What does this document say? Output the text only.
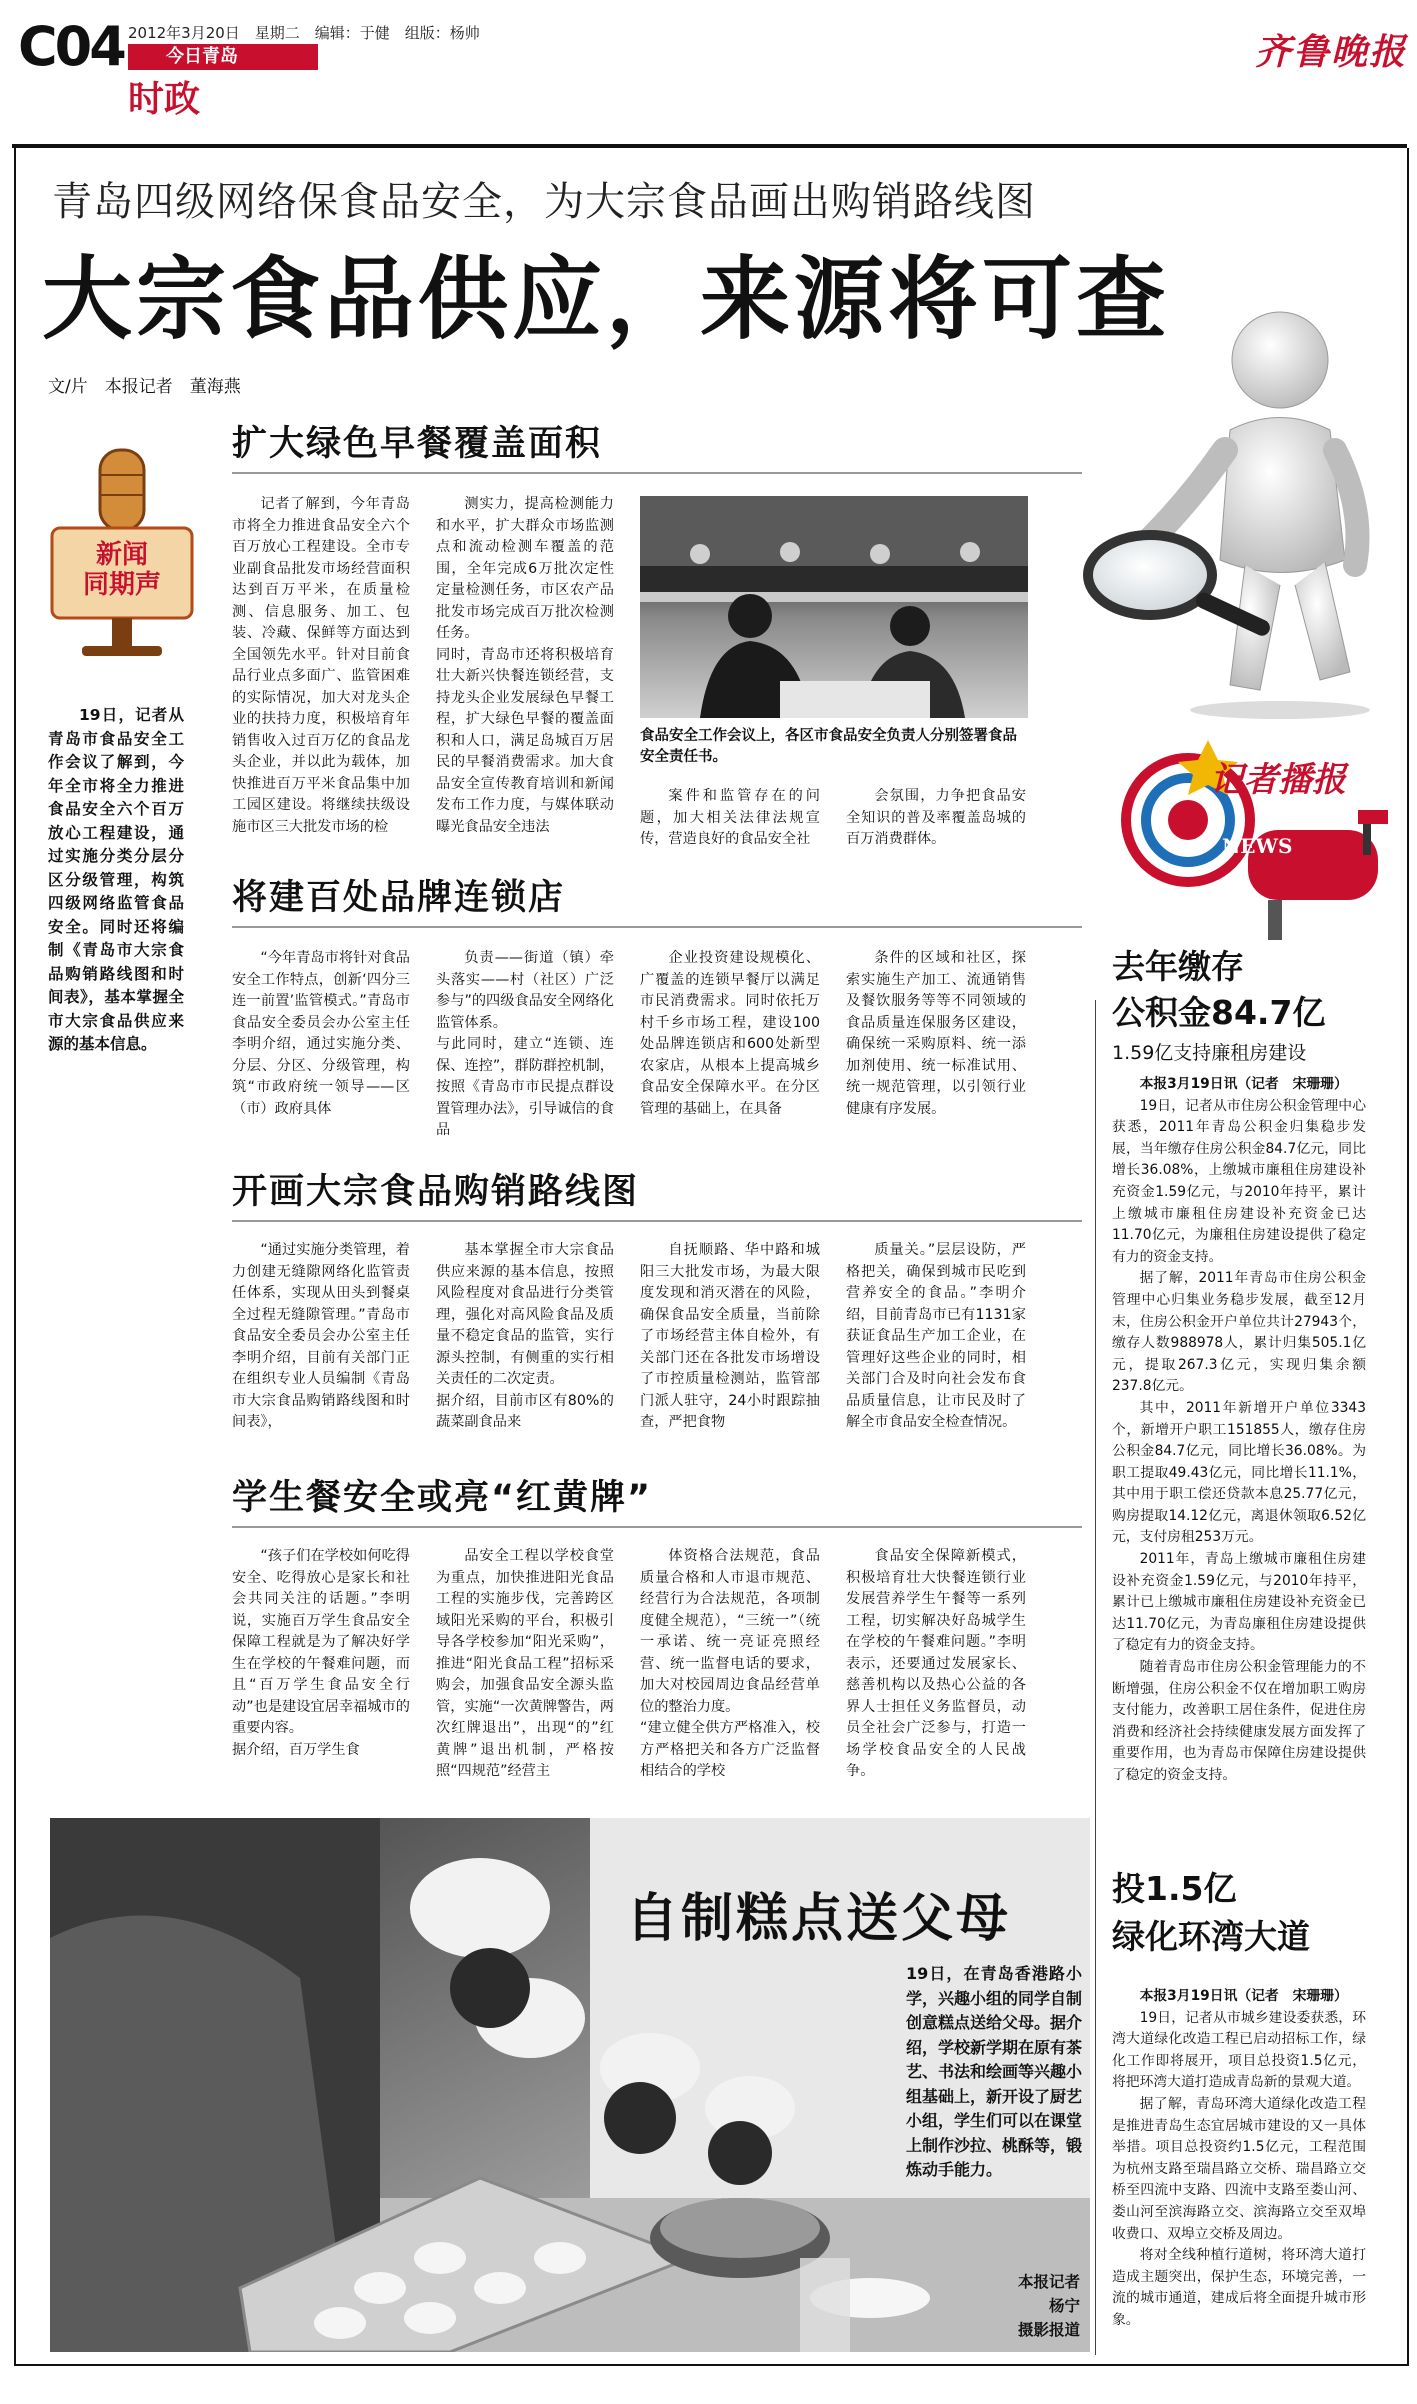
C04 2012年3月20日　星期二　编辑：于健　组版：杨帅
今日青岛
时政
齐鲁晚报
青岛四级网络保食品安全，为大宗食品画出购销路线图
大宗食品供应，来源将可查
文/片　本报记者　董海燕
新闻
同期声

19日，记者从青岛市食品安全工作会议了解到，今年全市将全力推进食品安全六个百万放心工程建设，通过实施分类分层分区分级管理，构筑四级网络监管食品安全。同时还将编制《青岛市大宗食品购销路线图和时间表》，基本掌握全市大宗食品供应来源的基本信息。

扩大绿色早餐覆盖面积

记者了解到，今年青岛市将全力推进食品安全六个百万放心工程建设。全市专业副食品批发市场经营面积达到百万平米，在质量检测、信息服务、加工、包装、冷藏、保鲜等方面达到全国领先水平。针对目前食品行业点多面广、监管困难的实际情况，加大对龙头企业的扶持力度，积极培育年销售收入过百万亿的食品龙头企业，并以此为载体，加快推进百万平米食品集中加工园区建设。将继续扶级设施市区三大批发市场的检

测实力，提高检测能力和水平，扩大群众市场监测点和流动检测车覆盖的范围，全年完成6万批次定性定量检测任务，市区农产品批发市场完成百万批次检测任务。
同时，青岛市还将积极培育壮大新兴快餐连锁经营，支持龙头企业发展绿色早餐工程，扩大绿色早餐的覆盖面积和人口，满足岛城百万居民的早餐消费需求。加大食品安全宣传教育培训和新闻发布工作力度，与媒体联动曝光食品安全违法

案件和监管存在的问题，加大相关法律法规宣传，营造良好的食品安全社

会氛围，力争把食品安全知识的普及率覆盖岛城的百万消费群体。

食品安全工作会议上，各区市食品安全负责人分别签署食品安全责任书。
将建百处品牌连锁店

“今年青岛市将针对食品安全工作特点，创新‘四分三连一前置’监管模式。”青岛市食品安全委员会办公室主任李明介绍，通过实施分类、分层、分区、分级管理，构筑“市政府统一领导——区（市）政府具体

负责——街道（镇）牵头落实——村（社区）广泛参与”的四级食品安全网络化监管体系。
与此同时，建立“连锁、连保、连控”，群防群控机制，按照《青岛市市民提点群设置管理办法》，引导诚信的食品

企业投资建设规模化、广覆盖的连锁早餐厅以满足市民消费需求。同时依托万村千乡市场工程，建设100处品牌连锁店和600处新型农家店，从根本上提高城乡食品安全保障水平。在分区管理的基础上，在具备

条件的区域和社区，探索实施生产加工、流通销售及餐饮服务等等不同领域的食品质量连保服务区建设，确保统一采购原料、统一添加剂使用、统一标准试用、统一规范管理，以引领行业健康有序发展。

开画大宗食品购销路线图

“通过实施分类管理，着力创建无缝隙网络化监管责任体系，实现从田头到餐桌全过程无缝隙管理。”青岛市食品安全委员会办公室主任李明介绍，目前有关部门正在组织专业人员编制《青岛市大宗食品购销路线图和时间表》，

基本掌握全市大宗食品供应来源的基本信息，按照风险程度对食品进行分类管理，强化对高风险食品及质量不稳定食品的监管，实行源头控制，有侧重的实行相关责任的二次定责。
据介绍，目前市区有80%的蔬菜副食品来

自抚顺路、华中路和城阳三大批发市场，为最大限度发现和消灭潜在的风险，确保食品安全质量，当前除了市场经营主体自检外，有关部门还在各批发市场增设了市控质量检测站，监管部门派人驻守，24小时跟踪抽查，严把食物

质量关。”层层设防，严格把关，确保到城市民吃到营养安全的食品。”李明介绍，目前青岛市已有1131家获证食品生产加工企业，在管理好这些企业的同时，相关部门合及时向社会发布食品质量信息，让市民及时了解全市食品安全检查情况。

学生餐安全或亮“红黄牌”

“孩子们在学校如何吃得安全、吃得放心是家长和社会共同关注的话题。”李明说，实施百万学生食品安全保障工程就是为了解决好学生在学校的午餐难问题，而且“百万学生食品安全行动”也是建设宜居幸福城市的重要内容。
据介绍，百万学生食

品安全工程以学校食堂为重点，加快推进阳光食品工程的实施步伐，完善跨区域阳光采购的平台，积极引导各学校参加“阳光采购”，推进“阳光食品工程”招标采购会，加强食品安全源头监管，实施“一次黄牌警告，两次红牌退出”，出现“的”红黄牌”退出机制，严格按照“四规范”经营主

体资格合法规范，食品质量合格和人市退市规范、经营行为合法规范，各项制度健全规范），“三统一”（统一承诺、统一亮证亮照经营、统一监督电话的要求，加大对校园周边食品经营单位的整治力度。
“建立健全供方严格准入，校方严格把关和各方广泛监督相结合的学校

食品安全保障新模式，积极培育壮大快餐连锁行业发展营养学生午餐等一系列工程，切实解决好岛城学生在学校的午餐难问题。”李明表示，还要通过发展家长、慈善机构以及热心公益的各界人士担任义务监督员，动员全社会广泛参与，打造一场学校食品安全的人民战争。

记者播报
NEWS
去年缴存
公积金84.7亿
1.59亿支持廉租房建设

本报3月19日讯（记者　宋珊珊）

19日，记者从市住房公积金管理中心获悉，2011年青岛公积金归集稳步发展，当年缴存住房公积金84.7亿元，同比增长36.08%，上缴城市廉租住房建设补充资金1.59亿元，与2010年持平，累计上缴城市廉租住房建设补充资金已达11.70亿元，为廉租住房建设提供了稳定有力的资金支持。

据了解，2011年青岛市住房公积金管理中心归集业务稳步发展，截至12月末，住房公积金开户单位共计27943个，缴存人数988978人，累计归集505.1亿元，提取267.3亿元，实现归集余额237.8亿元。

其中，2011年新增开户单位3343个，新增开户职工151855人，缴存住房公积金84.7亿元，同比增长36.08%。为职工提取49.43亿元，同比增长11.1%，其中用于职工偿还贷款本息25.77亿元，购房提取14.12亿元，离退休领取6.52亿元，支付房租253万元。

2011年，青岛上缴城市廉租住房建设补充资金1.59亿元，与2010年持平，累计已上缴城市廉租住房建设补充资金已达11.70亿元，为青岛廉租住房建设提供了稳定有力的资金支持。

随着青岛市住房公积金管理能力的不断增强，住房公积金不仅在增加职工购房支付能力，改善职工居住条件，促进住房消费和经济社会持续健康发展方面发挥了重要作用，也为青岛市保障住房建设提供了稳定的资金支持。

投1.5亿
绿化环湾大道

本报3月19日讯（记者　宋珊珊）

19日，记者从市城乡建设委获悉，环湾大道绿化改造工程已启动招标工作，绿化工作即将展开，项目总投资1.5亿元，将把环湾大道打造成青岛新的景观大道。

据了解，青岛环湾大道绿化改造工程是推进青岛生态宜居城市建设的又一具体举措。项目总投资约1.5亿元，工程范围为杭州支路至瑞昌路立交桥、瑞昌路立交桥至四流中支路、四流中支路至娄山河、娄山河至滨海路立交、滨海路立交至双埠收费口、双埠立交桥及周边。

将对全线种植行道树，将环湾大道打造成主题突出，保护生态，环境完善，一流的城市通道，建成后将全面提升城市形象。

自制糕点送父母
19日，在青岛香港路小学，兴趣小组的同学自制创意糕点送给父母。据介绍，学校新学期在原有茶艺、书法和绘画等兴趣小组基础上，新开设了厨艺小组，学生们可以在课堂上制作沙拉、桃酥等，锻炼动手能力。
本报记者
杨宁
摄影报道
